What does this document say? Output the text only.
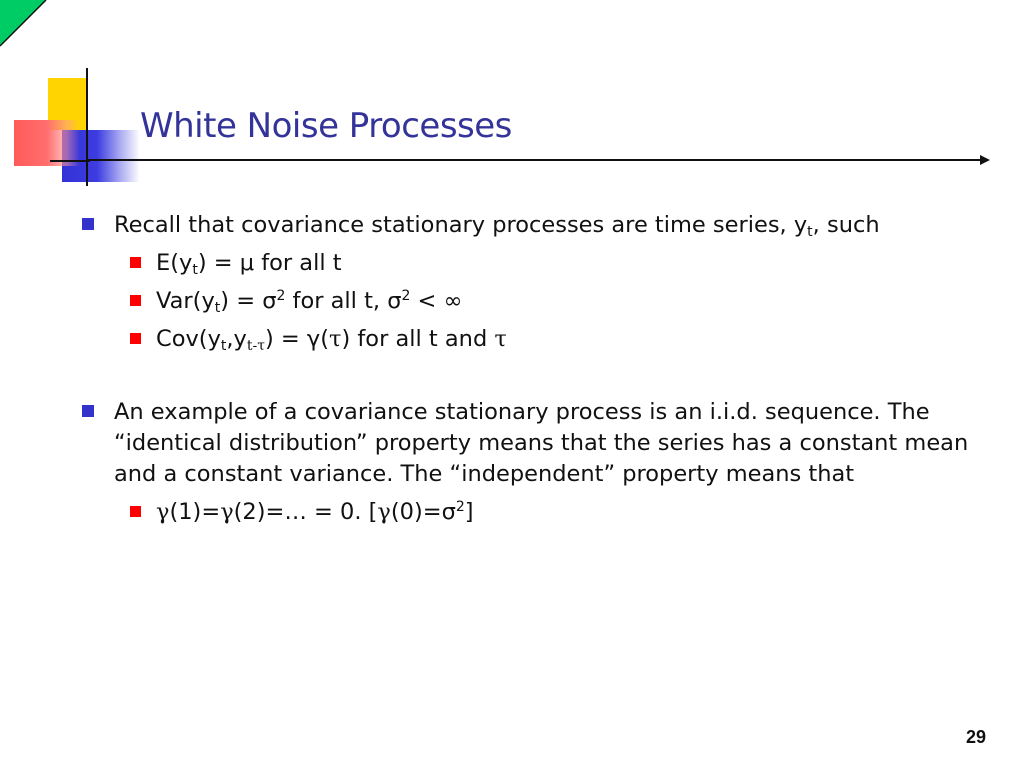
White Noise Processes
Recall that covariance stationary processes are time series, $y_t$, such
$E(y_t) = \mu$ for all t
$Var(y_t) = \sigma^2$ for all t, $\sigma^2$ < ∞
$Cov(y_t,y_{t-\tau}) = \gamma(\tau)$ for all t and τ
An example of a covariance stationary process is an i.i.d. sequence. The “identical distribution” property means that the series has a constant mean and a constant variance. The “independent” property means that
γ(1)=γ(2)=… = 0. $[\gamma(0)=\sigma^2]$
29
